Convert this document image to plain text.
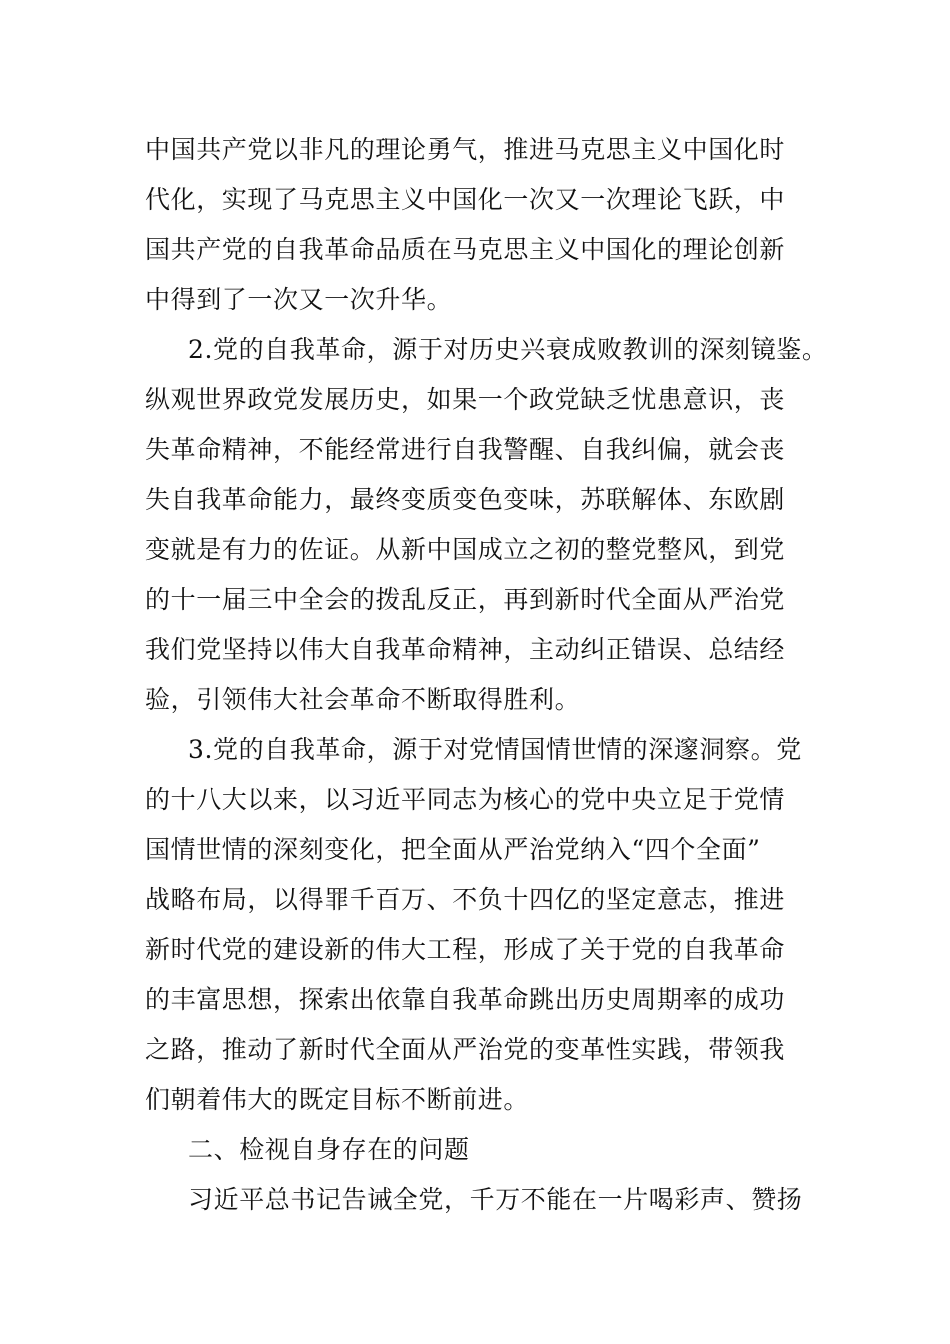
中国共产党以非凡的理论勇气，推进马克思主义中国化时
代化，实现了马克思主义中国化一次又一次理论飞跃，中
国共产党的自我革命品质在马克思主义中国化的理论创新
中得到了一次又一次升华。
2.党的自我革命，源于对历史兴衰成败教训的深刻镜鉴。
纵观世界政党发展历史，如果一个政党缺乏忧患意识，丧
失革命精神，不能经常进行自我警醒、自我纠偏，就会丧
失自我革命能力，最终变质变色变味，苏联解体、东欧剧
变就是有力的佐证。从新中国成立之初的整党整风，到党
的十一届三中全会的拨乱反正，再到新时代全面从严治党
我们党坚持以伟大自我革命精神，主动纠正错误、总结经
验，引领伟大社会革命不断取得胜利。
3.党的自我革命，源于对党情国情世情的深邃洞察。党
的十八大以来，以习近平同志为核心的党中央立足于党情
国情世情的深刻变化，把全面从严治党纳入“四个全面”
战略布局，以得罪千百万、不负十四亿的坚定意志，推进
新时代党的建设新的伟大工程，形成了关于党的自我革命
的丰富思想，探索出依靠自我革命跳出历史周期率的成功
之路，推动了新时代全面从严治党的变革性实践，带领我
们朝着伟大的既定目标不断前进。
二、检视自身存在的问题
习近平总书记告诫全党，千万不能在一片喝彩声、赞扬
